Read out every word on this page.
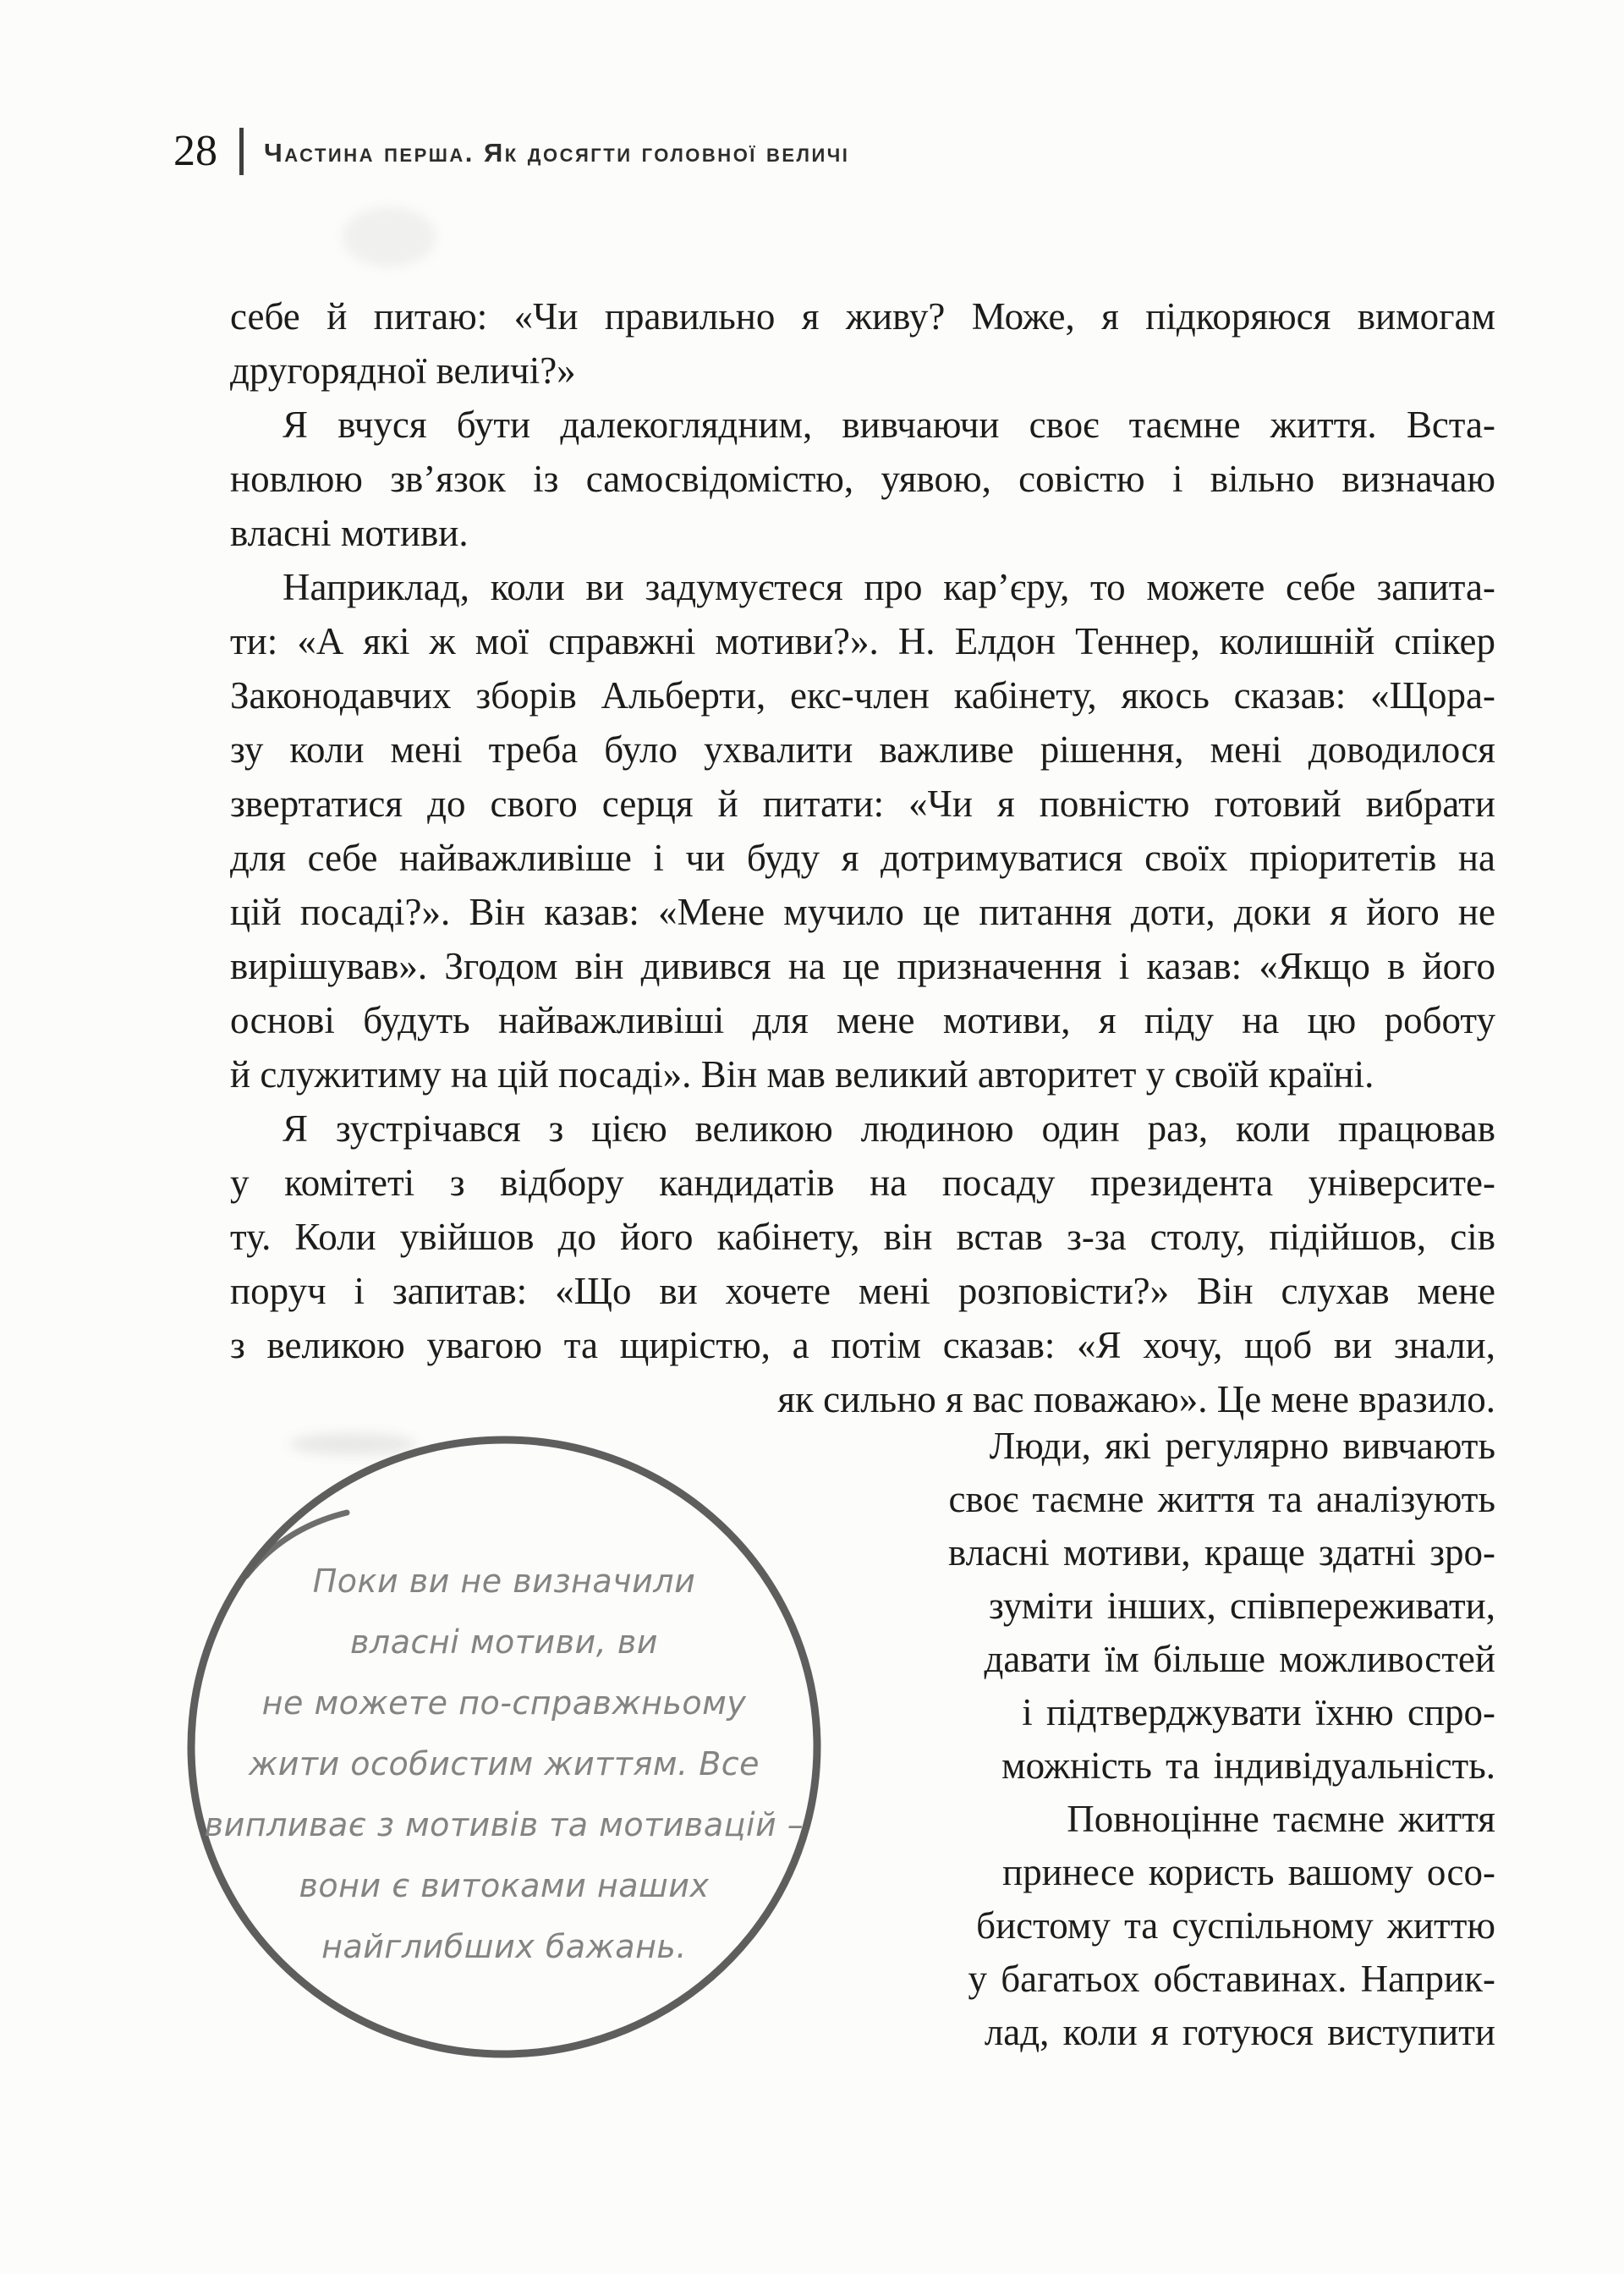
28 Частина перша. Як досягти головної величі
себе й питаю: «Чи правильно я живу? Може, я підкоряюся вимогам
другорядної величі?»
Я вчуся бути далекоглядним, вивчаючи своє таємне життя. Вста-
новлюю зв’язок із самосвідомістю, уявою, совістю і вільно визначаю
власні мотиви.
Наприклад, коли ви задумуєтеся про кар’єру, то можете себе запита-
ти: «А які ж мої справжні мотиви?». Н. Елдон Теннер, колишній спікер
Законодавчих зборів Альберти, екс-член кабінету, якось сказав: «Щора-
зу коли мені треба було ухвалити важливе рішення, мені доводилося
звертатися до свого серця й питати: «Чи я повністю готовий вибрати
для себе найважливіше і чи буду я дотримуватися своїх пріоритетів на
цій посаді?». Він казав: «Мене мучило це питання доти, доки я його не
вирішував». Згодом він дивився на це призначення і казав: «Якщо в його
основі будуть найважливіші для мене мотиви, я піду на цю роботу
й служитиму на цій посаді». Він мав великий авторитет у своїй країні.
Я зустрічався з цією великою людиною один раз, коли працював
у комітеті з відбору кандидатів на посаду президента університе-
ту. Коли увійшов до його кабінету, він встав з-за столу, підійшов, сів
поруч і запитав: «Що ви хочете мені розповісти?» Він слухав мене
з великою увагою та щирістю, а потім сказав: «Я хочу, щоб ви знали,
як сильно я вас поважаю». Це мене вразило.
Люди, які регулярно вивчають
своє таємне життя та аналізують
власні мотиви, краще здатні зро-
зуміти інших, співпереживати,
давати їм більше можливостей
і підтверджувати їхню спро-
можність та індивідуальність.
Повноцінне таємне життя
принесе користь вашому осо-
бистому та суспільному життю
у багатьох обставинах. Наприк-
лад, коли я готуюся виступити
Поки ви не визначили
власні мотиви, ви
не можете по-справжньому
жити особистим життям. Все
випливає з мотивів та мотивацій –
вони є витоками наших
найглибших бажань.
